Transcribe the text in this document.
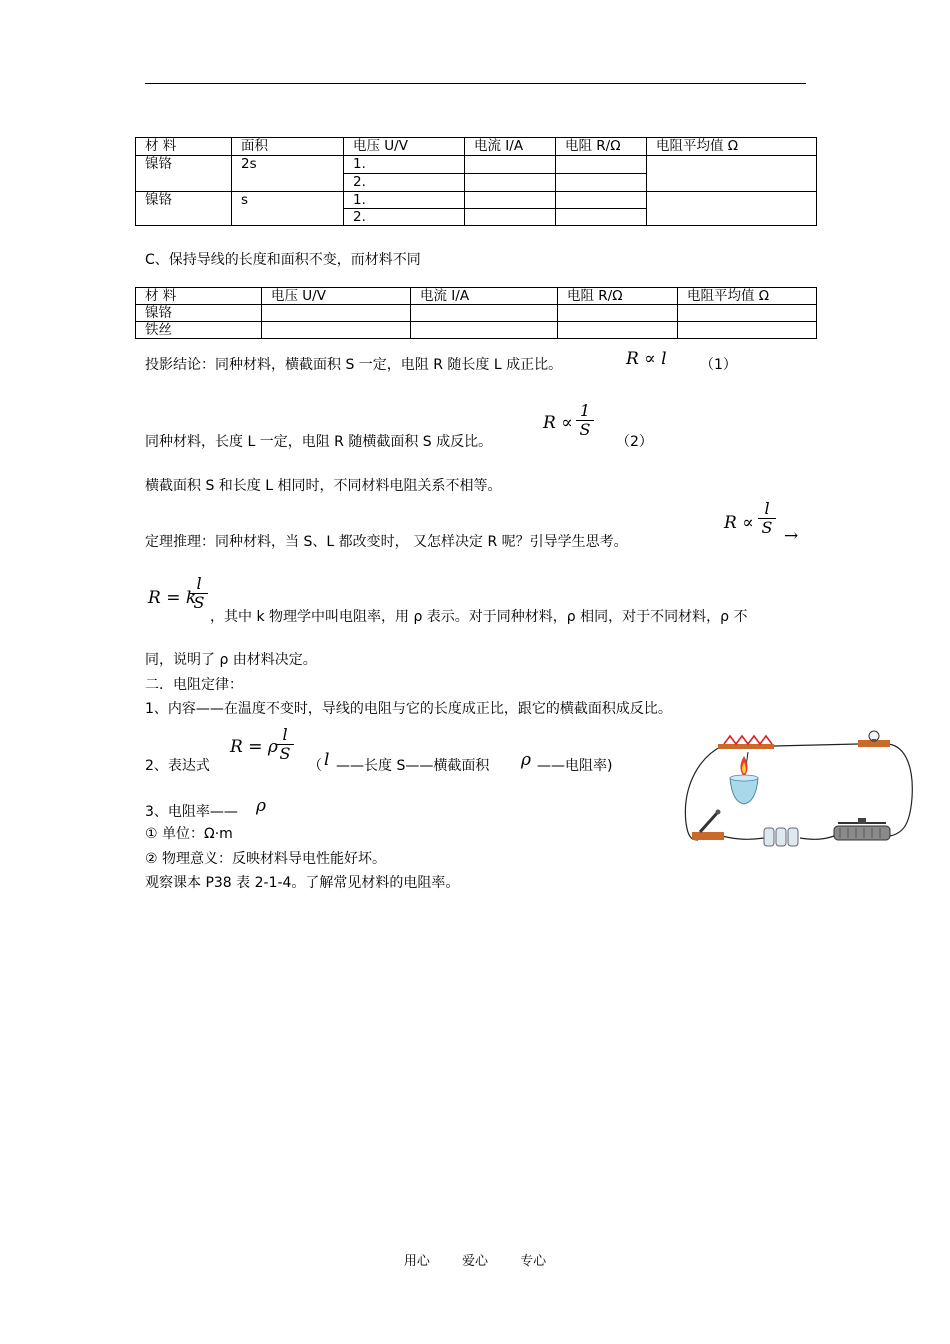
材 料	面积	电压 U/V	电流 I/A	电阻 R/Ω	电阻平均值 Ω
镍铬	2s	1.			
		2.			
镍铬	s	1.			
		2.			
C、保持导线的长度和面积不变，而材料不同
材 料	电压 U/V	电流 I/A	电阻 R/Ω	电阻平均值 Ω
镍铬				
铁丝				
投影结论：同种材料，横截面积 S 一定，电阻 R 随长度 L 成正比。	R ∝ l （1）
同种材料，长度 L 一定，电阻 R 随横截面积 S 成反比。
R ∝
1
S
（2）
横截面积 S 和长度 L 相同时，不同材料电阻关系不相等。
定理推理：同种材料，当 S、L 都改变时， 又怎样决定 R 呢？引导学生思考。
R ∝
l
S →
R = k
l
S
，其中 k 物理学中叫电阻率，用 ρ 表示。对于同种材料，ρ 相同，对于不同材料，ρ 不
同，说明了 ρ 由材料决定。
二．电阻定律：
1、内容——在温度不变时，导线的电阻与它的长度成正比，跟它的横截面积成反比。
2、表达式
R = ρ
l
S
（ l ——长度 S——横截面积 ρ ——电阻率)
3、电阻率—— ρ
① 单位：Ω·m
② 物理意义：反映材料导电性能好坏。
观察课本 P38 表 2-1-4。了解常见材料的电阻率。
用心 爱心 专心
